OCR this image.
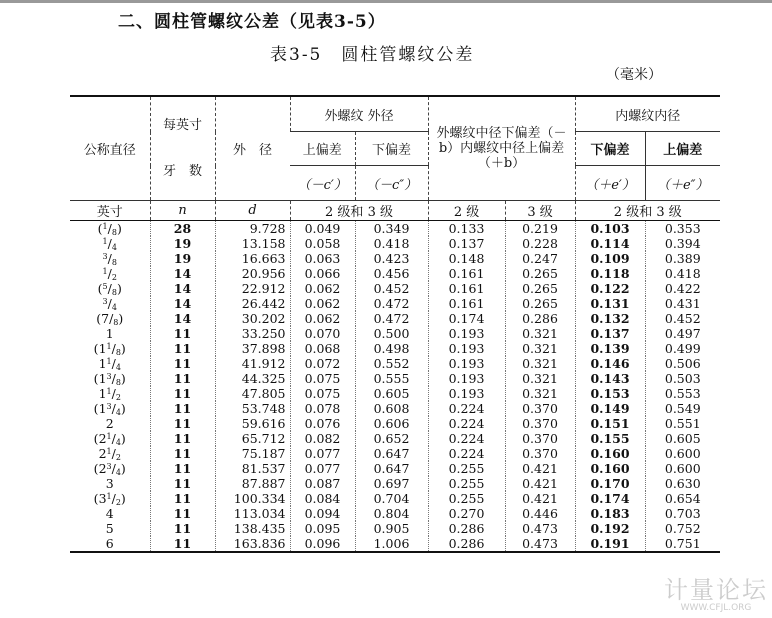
二、圆柱管螺纹公差（见表3-5）
表3-5　圆柱管螺纹公差
（毫米）
公称直径	每英寸
牙　数	外　径	外螺纹 外径		外螺纹中径下偏差（－b）内螺纹中径上偏差（＋b）		内螺纹内径	
			上偏差	下偏差			下偏差	上偏差
			（－c′）	（－c″）			（＋e′）	（＋e″）
英寸	n	d	2 级和 3 级		2 级	3 级	2 级和 3 级	
$(^1/_8)$	28	9.728	0.049	0.349	0.133	0.219	0.103	0.353
$^1/_4$	19	13.158	0.058	0.418	0.137	0.228	0.114	0.394
$^3/_8$	19	16.663	0.063	0.423	0.148	0.247	0.109	0.389
$^1/_2$	14	20.956	0.066	0.456	0.161	0.265	0.118	0.418
$(^5/_8)$	14	22.912	0.062	0.452	0.161	0.265	0.122	0.422
$^3/_4$	14	26.442	0.062	0.472	0.161	0.265	0.131	0.431
$(7/_8)$	14	30.202	0.062	0.472	0.174	0.286	0.132	0.452
1	11	33.250	0.070	0.500	0.193	0.321	0.137	0.497
$(1^1/_8)$	11	37.898	0.068	0.498	0.193	0.321	0.139	0.499
$1^1/_4$	11	41.912	0.072	0.552	0.193	0.321	0.146	0.506
$(1^3/_8)$	11	44.325	0.075	0.555	0.193	0.321	0.143	0.503
$1^1/_2$	11	47.805	0.075	0.605	0.193	0.321	0.153	0.553
$(1^3/_4)$	11	53.748	0.078	0.608	0.224	0.370	0.149	0.549
2	11	59.616	0.076	0.606	0.224	0.370	0.151	0.551
$(2^1/_4)$	11	65.712	0.082	0.652	0.224	0.370	0.155	0.605
$2^1/_2$	11	75.187	0.077	0.647	0.224	0.370	0.160	0.600
$(2^3/_4)$	11	81.537	0.077	0.647	0.255	0.421	0.160	0.600
3	11	87.887	0.087	0.697	0.255	0.421	0.170	0.630
$(3^1/_2)$	11	100.334	0.084	0.704	0.255	0.421	0.174	0.654
4	11	113.034	0.094	0.804	0.270	0.446	0.183	0.703
5	11	138.435	0.095	0.905	0.286	0.473	0.192	0.752
6	11	163.836	0.096	1.006	0.286	0.473	0.191	0.751
计量论坛
WWW.CFJL.ORG
